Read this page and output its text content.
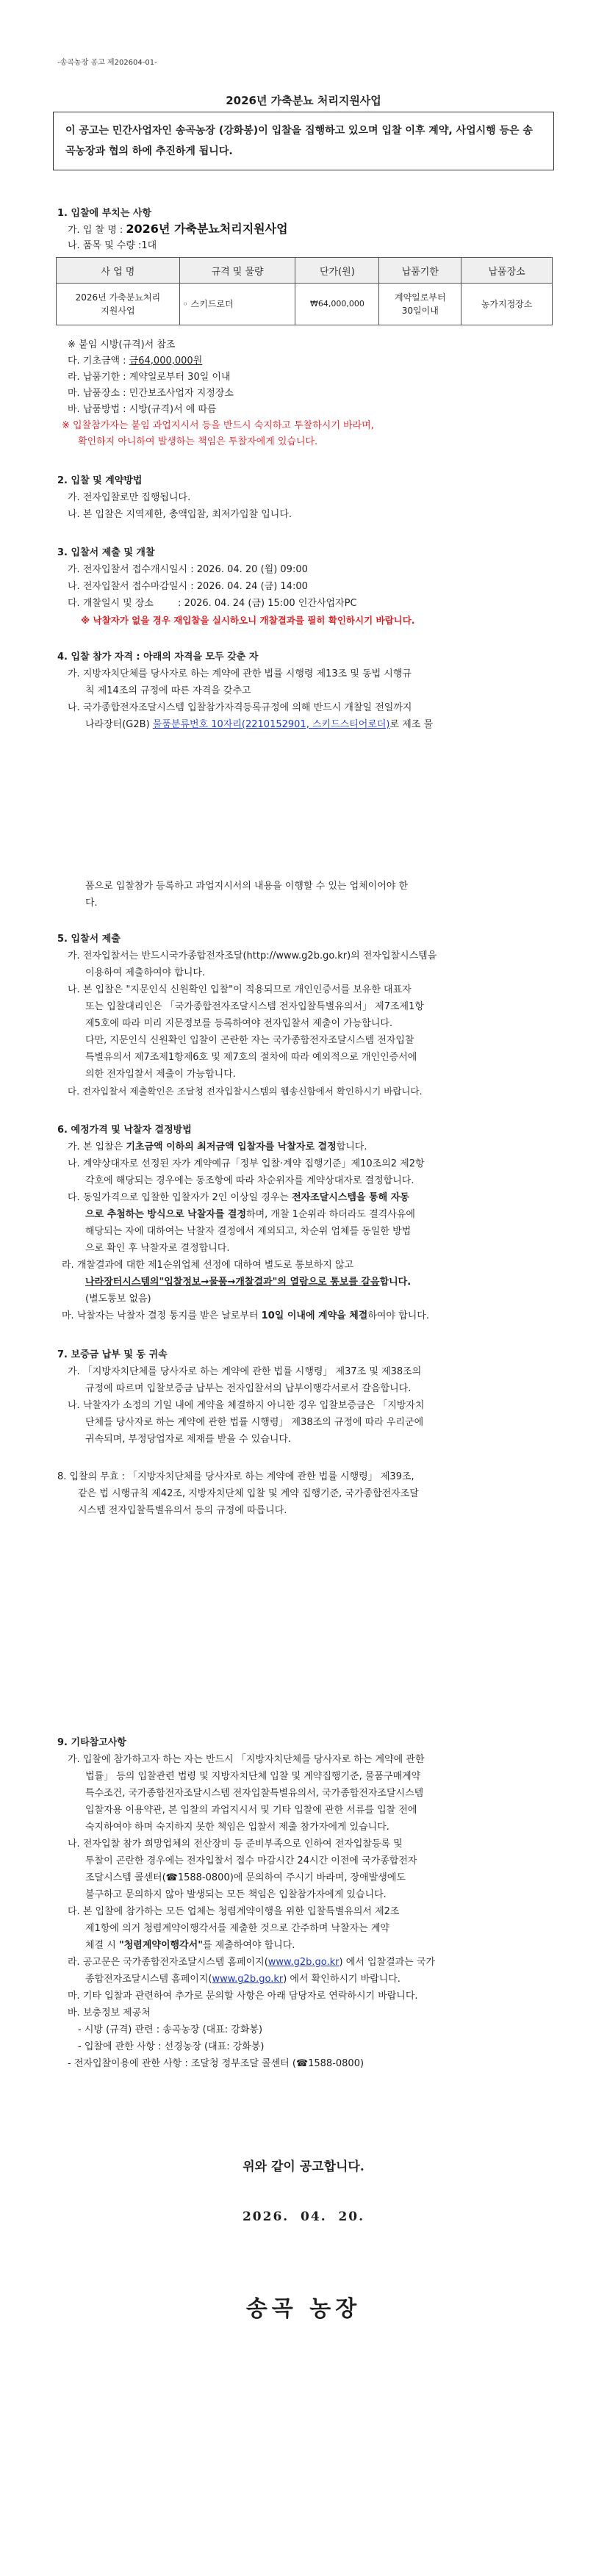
-송곡농장 공고 제202604-01-
2026년 가축분뇨 처리지원사업
이 공고는 민간사업자인 송곡농장 (강화봉)이 입찰을 집행하고 있으며 입찰 이후 계약, 사업시행 등은 송곡농장과 협의 하에 추진하게 됩니다.
1. 입찰에 부치는 사항
가. 입 찰 명 : 2026년 가축분뇨처리지원사업
나. 품목 및 수량 :1대
사 업 명	규격 및 물량	단가(원)	납품기한	납품장소
2026년 가축분뇨처리지원사업	◦ 스키드로더	₩64,000,000	계약일로부터 30일이내	농가지정장소
※ 붙임 시방(규격)서 참조
다. 기초금액 : 금64,000,000원
라. 납품기한 : 계약일로부터 30일 이내
마. 납품장소 : 민간보조사업자 지정장소
바. 납품방법 : 시방(규격)서 에 따름
※ 입찰참가자는 붙임 과업지시서 등을 반드시 숙지하고 투찰하시기 바라며,
확인하지 아니하여 발생하는 책임은 투찰자에게 있습니다.
2. 입찰 및 계약방법
가. 전자입찰로만 집행됩니다.
나. 본 입찰은 지역제한, 총액입찰, 최저가입찰 입니다.
3. 입찰서 제출 및 개찰
가. 전자입찰서 접수개시일시 : 2026. 04. 20 (월) 09:00
나. 전자입찰서 접수마감일시 : 2026. 04. 24 (금) 14:00
다. 개찰일시 및 장소        : 2026. 04. 24 (금) 15:00 인간사업자PC
※ 낙찰자가 없을 경우 재입찰을 실시하오니 개찰결과를 필히 확인하시기 바랍니다.
4. 입찰 참가 자격 : 아래의 자격을 모두 갖춘 자
가. 지방자치단체를 당사자로 하는 계약에 관한 법률 시행령 제13조 및 동법 시행규
칙 제14조의 규정에 따른 자격을 갖추고
나. 국가종합전자조달시스템 입찰참가자격등록규정에 의해 반드시 개찰일 전일까지
나라장터(G2B) 물품분류번호 10자리(2210152901, 스키드스티어로더)로 제조 물
품으로 입찰참가 등록하고 과업지시서의 내용을 이행할 수 있는 업체이어야 한
다.
5. 입찰서 제출
가. 전자입찰서는 반드시국가종합전자조달(http://www.g2b.go.kr)의 전자입찰시스템을
이용하여 제출하여야 합니다.
나. 본 입찰은 "지문인식 신원확인 입찰"이 적용되므로 개인인증서를 보유한 대표자
또는 입찰대리인은 「국가종합전자조달시스템 전자입찰특별유의서」 제7조제1항
제5호에 따라 미리 지문정보를 등록하여야 전자입찰서 제출이 가능합니다.
다만, 지문인식 신원확인 입찰이 곤란한 자는 국가종합전자조달시스템 전자입찰
특별유의서 제7조제1항제6호 및 제7호의 절차에 따라 예외적으로 개인인증서에
의한 전자입찰서 제출이 가능합니다.
다. 전자입찰서 제출확인은 조달청 전자입찰시스템의 웹송신함에서 확인하시기 바랍니다.
6. 예정가격 및 낙찰자 결정방법
가. 본 입찰은 기초금액 이하의 최저금액 입찰자를 낙찰자로 결정합니다.
나. 계약상대자로 선정된 자가 계약예규「정부 입찰·계약 집행기준」제10조의2 제2항
각호에 해당되는 경우에는 동조항에 따라 차순위자를 계약상대자로 결정합니다.
다. 동일가격으로 입찰한 입찰자가 2인 이상일 경우는 전자조달시스템을 통해 자동
으로 추첨하는 방식으로 낙찰자를 결정하며, 개찰 1순위라 하더라도 결격사유에
해당되는 자에 대하여는 낙찰자 결정에서 제외되고, 차순위 업체를 동일한 방법
으로 확인 후 낙찰자로 결정합니다.
라. 개찰결과에 대한 제1순위업체 선정에 대하여 별도로 통보하지 않고
나라장터시스템의"입찰정보→물품→개찰결과"의 열람으로 통보를 갈음합니다.
(별도통보 없음)
마. 낙찰자는 낙찰자 결정 통지를 받은 날로부터 10일 이내에 계약을 체결하여야 합니다.
7. 보증금 납부 및 동 귀속
가. 「지방자치단체를 당사자로 하는 계약에 관한 법률 시행령」 제37조 및 제38조의
규정에 따르며 입찰보증금 납부는 전자입찰서의 납부이행각서로서 갈음합니다.
나. 낙찰자가 소정의 기일 내에 계약을 체결하지 아니한 경우 입찰보증금은 「지방자치
단체를 당사자로 하는 계약에 관한 법률 시행령」 제38조의 규정에 따라 우리군에
귀속되며, 부정당업자로 제재를 받을 수 있습니다.
8. 입찰의 무효 : 「지방자치단체를 당사자로 하는 계약에 관한 법률 시행령」 제39조,
같은 법 시행규칙 제42조, 지방자치단체 입찰 및 계약 집행기준, 국가종합전자조달
시스템 전자입찰특별유의서 등의 규정에 따릅니다.
9. 기타참고사항
가. 입찰에 참가하고자 하는 자는 반드시 「지방자치단체를 당사자로 하는 계약에 관한
법률」 등의 입찰관련 법령 및 지방자치단체 입찰 및 계약집행기준, 물품구매계약
특수조건, 국가종합전자조달시스템 전자입찰특별유의서, 국가종합전자조달시스템
입찰자용 이용약관, 본 입찰의 과업지시서 및 기타 입찰에 관한 서류를 입찰 전에
숙지하여야 하며 숙지하지 못한 책임은 입찰서 제출 참가자에게 있습니다.
나. 전자입찰 참가 희망업체의 전산장비 등 준비부족으로 인하여 전자입찰등록 및
투찰이 곤란한 경우에는 전자입찰서 접수 마감시간 24시간 이전에 국가종합전자
조달시스템 콜센터(☎1588-0800)에 문의하여 주시기 바라며, 장애발생에도
불구하고 문의하지 않아 발생되는 모든 책임은 입찰참가자에게 있습니다.
다. 본 입찰에 참가하는 모든 업체는 청렴계약이행을 위한 입찰특별유의서 제2조
제1항에 의거 청렴계약이행각서를 제출한 것으로 간주하며 낙찰자는 계약
체결 시 "청렴계약이행각서"를 제출하여야 합니다.
라. 공고문은 국가종합전자조달시스템 홈페이지(www.g2b.go.kr) 에서 입찰결과는 국가
종합전자조달시스템 홈페이지(www.g2b.go.kr) 에서 확인하시기 바랍니다.
마. 기타 입찰과 관련하여 추가로 문의할 사항은 아래 담당자로 연락하시기 바랍니다.
바. 보충정보 제공처
- 시방 (규격) 관련 : 송곡농장 (대표: 강화봉)
- 입찰에 관한 사항 : 선경농장 (대표: 강화봉)
- 전자입찰이용에 관한 사항 : 조달청 정부조달 콜센터 (☎1588-0800)
위와 같이 공고합니다.
2026.  04.  20.
송곡 농장
